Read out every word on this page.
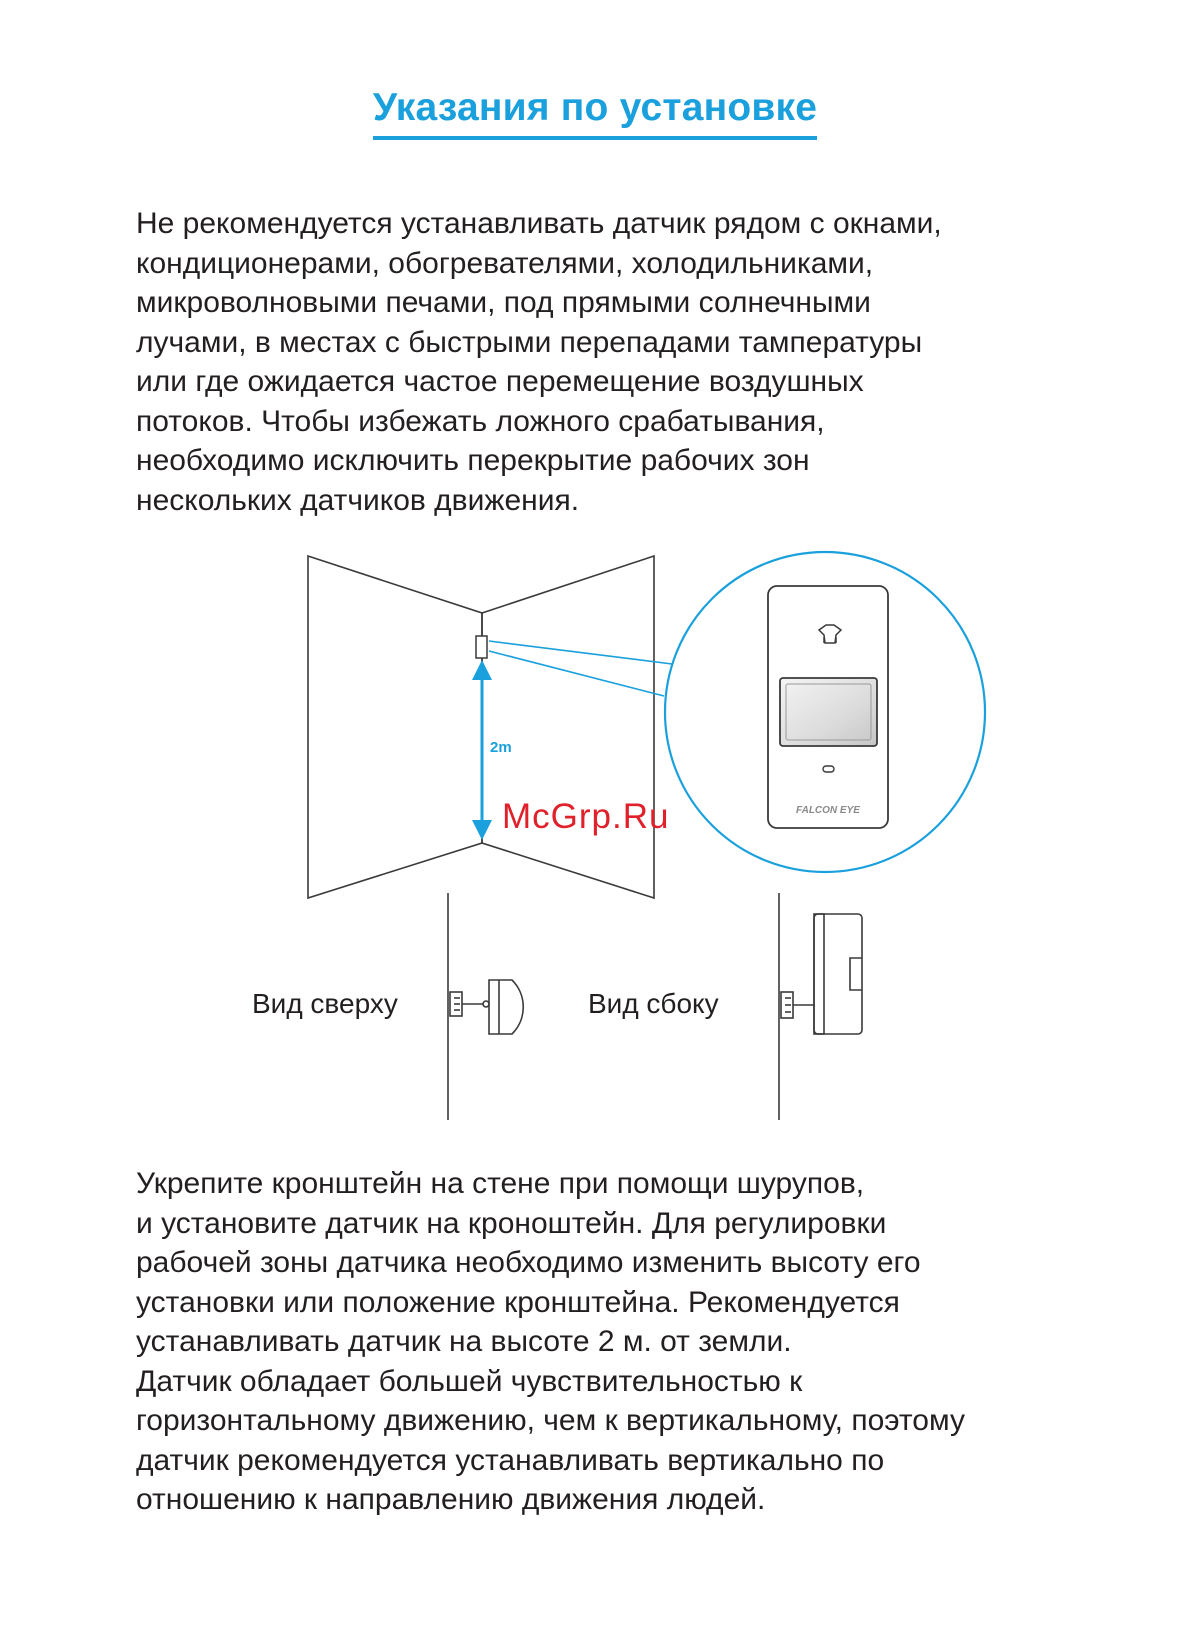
Указания по установке

Не рекомендуется устанавливать датчик рядом с окнами,
кондиционерами, обогревателями, холодильниками,
микроволновыми печами, под прямыми солнечными
лучами, в местах с быстрыми перепадами тампературы
или где ожидается частое перемещение воздушных
потоков. Чтобы избежать ложного срабатывания,
необходимо исключить перекрытие рабочих зон
нескольких датчиков движения.

2m
FALCON EYE
McGrp.Ru
Вид сверху	Вид сбоку

Укрепите кронштейн на стене при помощи шурупов,
и установите датчик на кроноштейн. Для регулировки
рабочей зоны датчика необходимо изменить высоту его
установки или положение кронштейна. Рекомендуется
устанавливать датчик на высоте 2 м. от земли.
Датчик обладает большей чувствительностью к
горизонтальному движению, чем к вертикальному, поэтому
датчик рекомендуется устанавливать вертикально по
отношению к направлению движения людей.
